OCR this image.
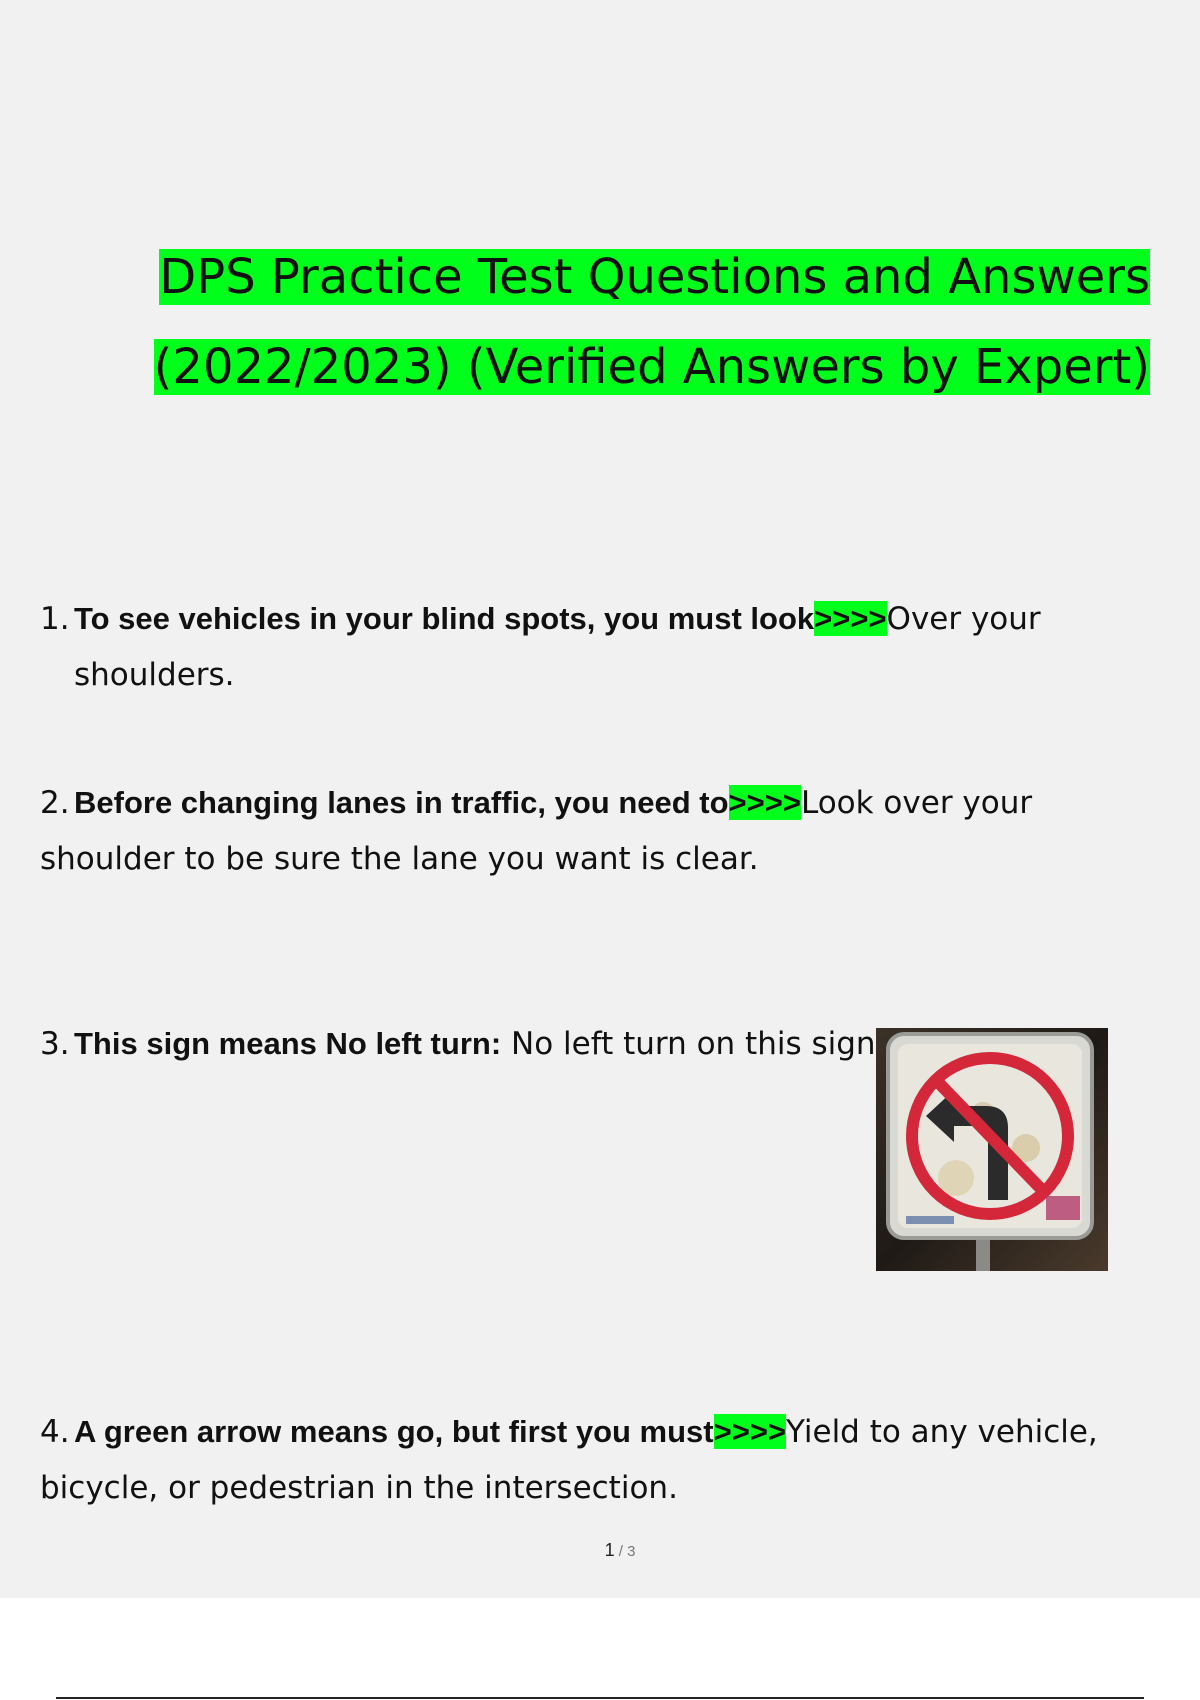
DPS Practice Test Questions and Answers
(2022/2023) (Verified Answers by Expert)
1. To see vehicles in your blind spots, you must look>>>>Over your
shoulders.
2. Before changing lanes in traffic, you need to>>>>Look over your
shoulder to be sure the lane you want is clear.
3. This sign means No left turn: No left turn on this sign
4. A green arrow means go, but first you must>>>>Yield to any vehicle,
bicycle, or pedestrian in the intersection.
1 / 3
